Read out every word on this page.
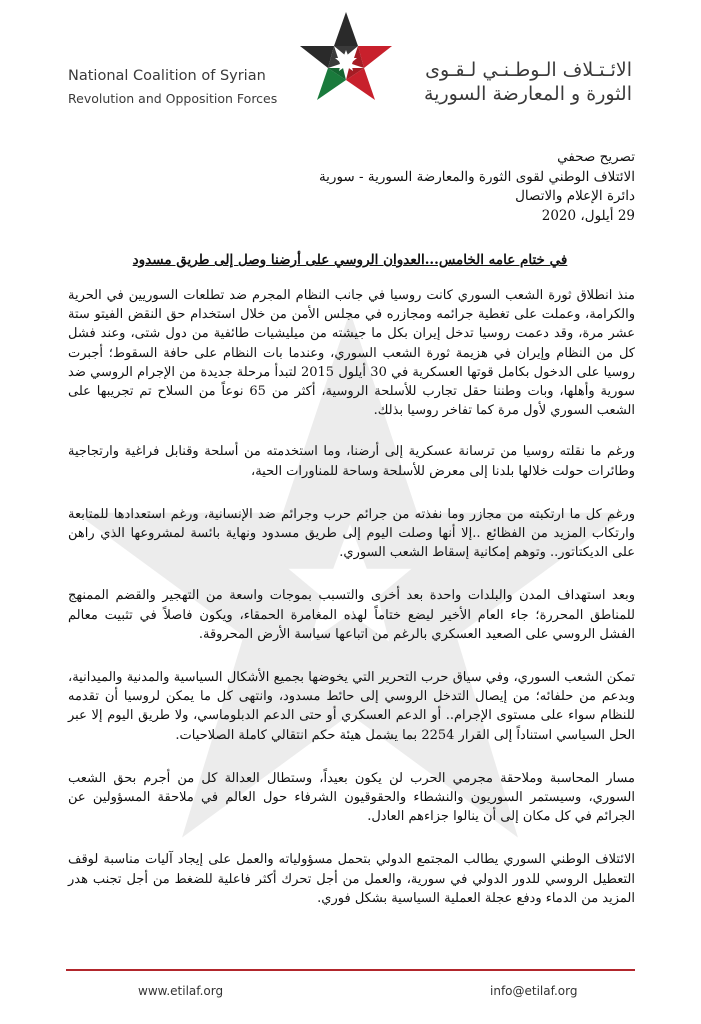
National Coalition of Syrian
Revolution and Opposition Forces
الائـتـلاف الـوطـنـي لـقـوى
الثورة و المعارضة السورية
تصريح صحفي
الائتلاف الوطني لقوى الثورة والمعارضة السورية - سورية
دائرة الإعلام والاتصال
29 أيلول، 2020
في ختام عامه الخامس...العدوان الروسي على أرضنا وصل إلى طريق مسدود

منذ انطلاق ثورة الشعب السوري كانت روسيا في جانب النظام المجرم ضد تطلعات السوريين في الحرية والكرامة، وعملت على تغطية جرائمه ومجازره في مجلس الأمن من خلال استخدام حق النقض الفيتو ستة عشر مرة، وقد دعمت روسيا تدخل إيران بكل ما جيشته من ميليشيات طائفية من دول شتى، وعند فشل كل من النظام وإيران في هزيمة ثورة الشعب السوري، وعندما بات النظام على حافة السقوط؛ أجبرت روسيا على الدخول بكامل قوتها العسكرية في 30 أيلول 2015 لتبدأ مرحلة جديدة من الإجرام الروسي ضد سورية وأهلها، وبات وطننا حقل تجارب للأسلحة الروسية، أكثر من 65 نوعاً من السلاح تم تجريبها على الشعب السوري لأول مرة كما تفاخر روسيا بذلك.

ورغم ما نقلته روسيا من ترسانة عسكرية إلى أرضنا، وما استخدمته من أسلحة وقنابل فراغية وارتجاجية وطائرات حولت خلالها بلدنا إلى معرض للأسلحة وساحة للمناورات الحية،

ورغم كل ما ارتكبته من مجازر وما نفذته من جرائم حرب وجرائم ضد الإنسانية، ورغم استعدادها للمتابعة وارتكاب المزيد من الفظائع ..إلا أنها وصلت اليوم إلى طريق مسدود ونهاية بائسة لمشروعها الذي راهن على الديكتاتور.. وتوهم إمكانية إسقاط الشعب السوري.

وبعد استهداف المدن والبلدات واحدة بعد أخرى والتسبب بموجات واسعة من التهجير والقضم الممنهج للمناطق المحررة؛ جاء العام الأخير ليضع ختاماً لهذه المغامرة الحمقاء، ويكون فاصلاً في تثبيت معالم الفشل الروسي على الصعيد العسكري بالرغم من اتباعها سياسة الأرض المحروقة.

تمكن الشعب السوري، وفي سياق حرب التحرير التي يخوضها بجميع الأشكال السياسية والمدنية والميدانية، وبدعم من حلفائه؛ من إيصال التدخل الروسي إلى حائط مسدود، وانتهى كل ما يمكن لروسيا أن تقدمه للنظام سواء على مستوى الإجرام.. أو الدعم العسكري أو حتى الدعم الدبلوماسي، ولا طريق اليوم إلا عبر الحل السياسي استناداً إلى القرار 2254 بما يشمل هيئة حكم انتقالي كاملة الصلاحيات.

مسار المحاسبة وملاحقة مجرمي الحرب لن يكون بعيداً، وستطال العدالة كل من أجرم بحق الشعب السوري، وسيستمر السوريون والنشطاء والحقوقيون الشرفاء حول العالم في ملاحقة المسؤولين عن الجرائم في كل مكان إلى أن ينالوا جزاءهم العادل.

الائتلاف الوطني السوري يطالب المجتمع الدولي بتحمل مسؤولياته والعمل على إيجاد آليات مناسبة لوقف التعطيل الروسي للدور الدولي في سورية، والعمل من أجل تحرك أكثر فاعلية للضغط من أجل تجنب هدر المزيد من الدماء ودفع عجلة العملية السياسية بشكل فوري.

www.etilaf.org	info@etilaf.org
